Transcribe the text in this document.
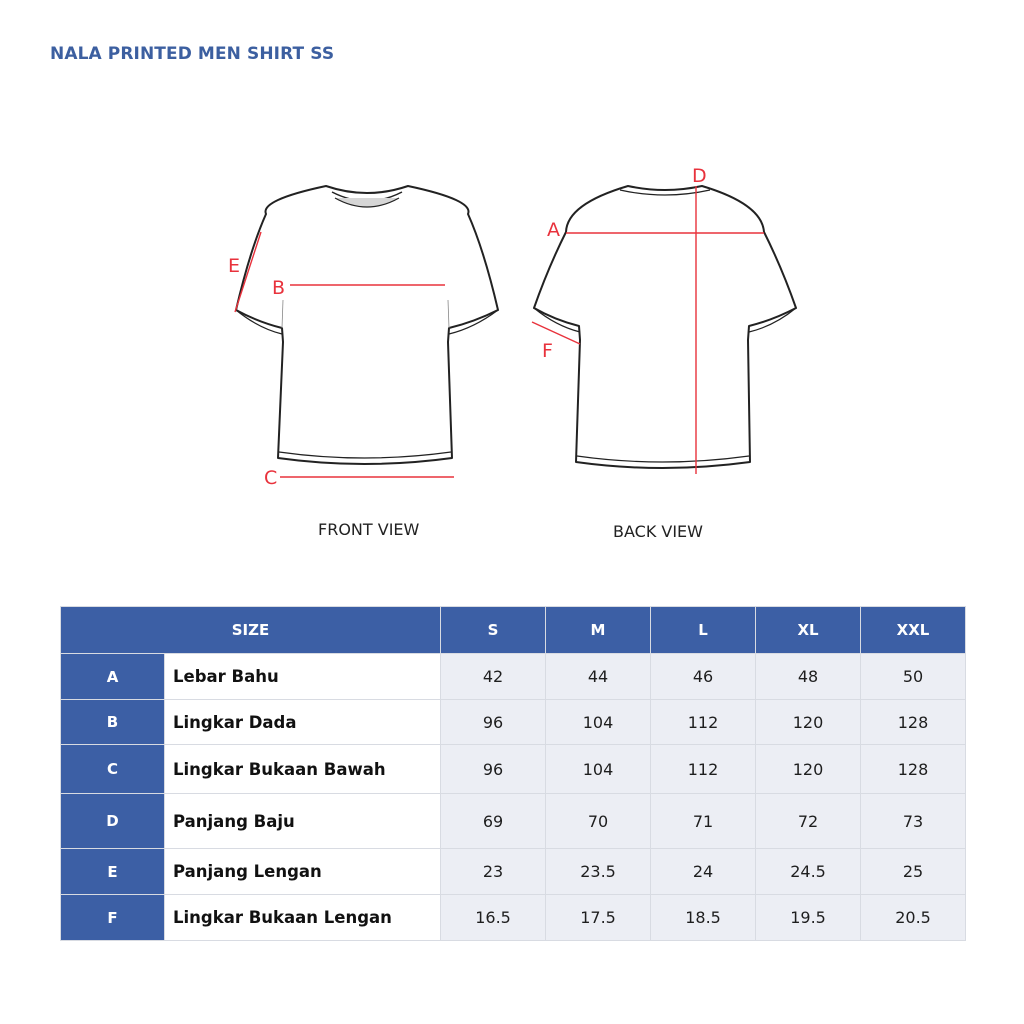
NALA PRINTED MEN SHIRT SS
B
E
C
A
D
F
FRONT VIEW	BACK VIEW
SIZE		S	M	L	XL	XXL
A	Lebar Bahu	42	44	46	48	50
B	Lingkar Dada	96	104	112	120	128
C	Lingkar Bukaan Bawah	96	104	112	120	128
D	Panjang Baju	69	70	71	72	73
E	Panjang Lengan	23	23.5	24	24.5	25
F	Lingkar Bukaan Lengan	16.5	17.5	18.5	19.5	20.5
